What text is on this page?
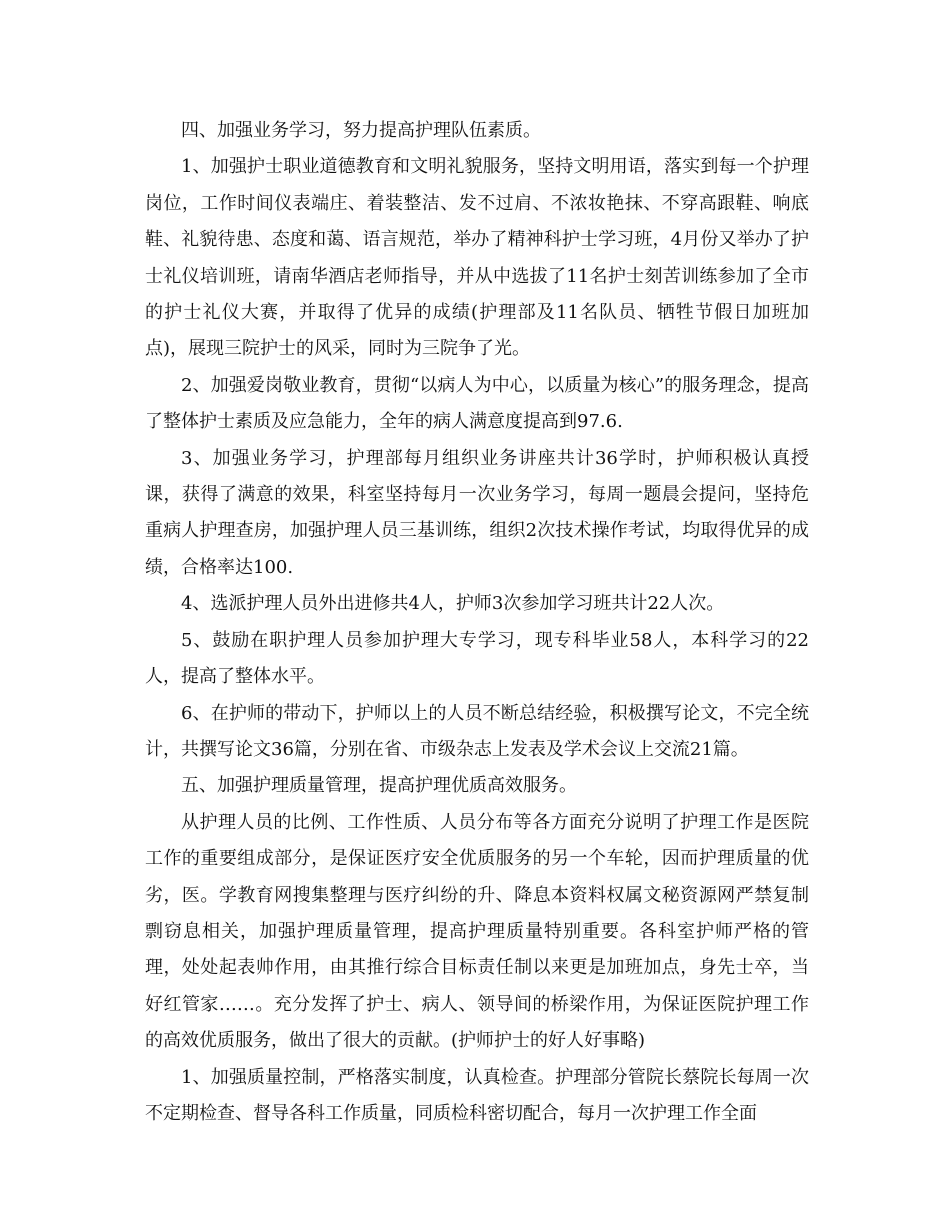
四、加强业务学习，努力提高护理队伍素质。

1、加强护士职业道德教育和文明礼貌服务，坚持文明用语，落实到每一个护理岗位，工作时间仪表端庄、着装整洁、发不过肩、不浓妆艳抹、不穿高跟鞋、响底鞋、礼貌待患、态度和蔼、语言规范，举办了精神科护士学习班，4月份又举办了护士礼仪培训班，请南华酒店老师指导，并从中选拔了11名护士刻苦训练参加了全市的护士礼仪大赛，并取得了优异的成绩(护理部及11名队员、牺牲节假日加班加点)，展现三院护士的风采，同时为三院争了光。

2、加强爱岗敬业教育，贯彻“以病人为中心，以质量为核心”的服务理念，提高了整体护士素质及应急能力，全年的病人满意度提高到97.6.

3、加强业务学习，护理部每月组织业务讲座共计36学时，护师积极认真授课，获得了满意的效果，科室坚持每月一次业务学习，每周一题晨会提问，坚持危重病人护理查房，加强护理人员三基训练，组织2次技术操作考试，均取得优异的成绩，合格率达100.

4、选派护理人员外出进修共4人，护师3次参加学习班共计22人次。

5、鼓励在职护理人员参加护理大专学习，现专科毕业58人，本科学习的22人，提高了整体水平。

6、在护师的带动下，护师以上的人员不断总结经验，积极撰写论文，不完全统计，共撰写论文36篇，分别在省、市级杂志上发表及学术会议上交流21篇。

五、加强护理质量管理，提高护理优质高效服务。

从护理人员的比例、工作性质、人员分布等各方面充分说明了护理工作是医院工作的重要组成部分，是保证医疗安全优质服务的另一个车轮，因而护理质量的优劣，医。学教育网搜集整理与医疗纠纷的升、降息本资料权属文秘资源网严禁复制剽窃息相关，加强护理质量管理，提高护理质量特别重要。各科室护师严格的管理，处处起表帅作用，由其推行综合目标责任制以来更是加班加点，身先士卒，当好红管家……。充分发挥了护士、病人、领导间的桥梁作用，为保证医院护理工作的高效优质服务，做出了很大的贡献。(护师护士的好人好事略)

1、加强质量控制，严格落实制度，认真检查。护理部分管院长蔡院长每周一次不定期检查、督导各科工作质量，同质检科密切配合，每月一次护理工作全面
